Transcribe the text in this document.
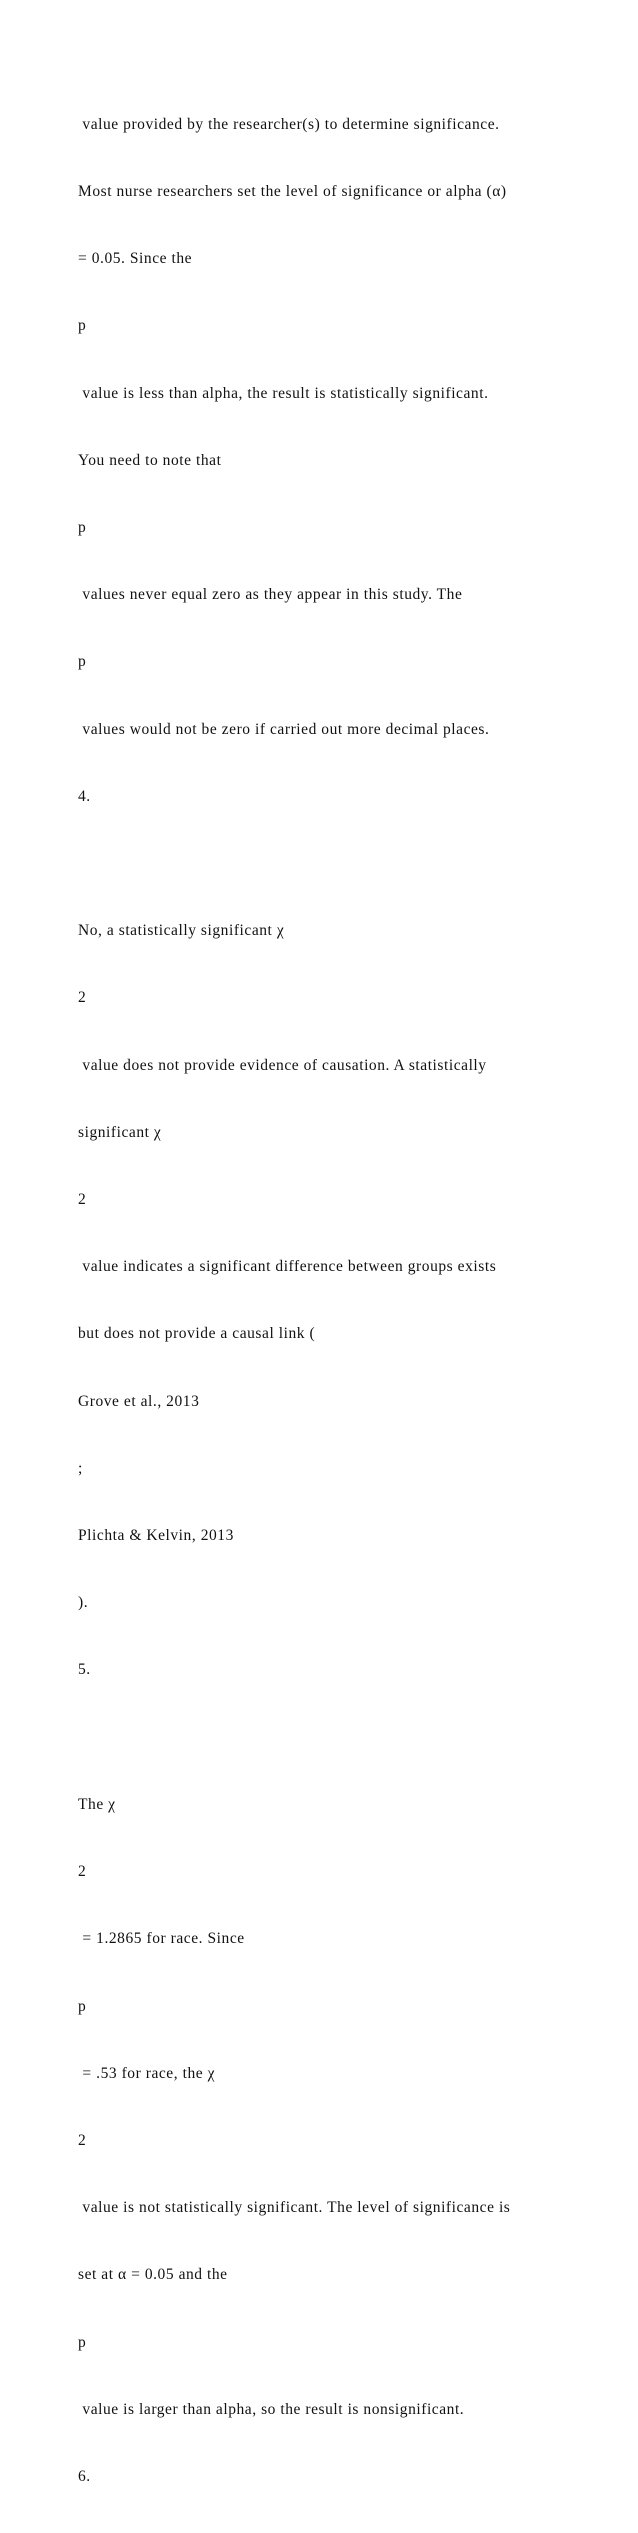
value provided by the researcher(s) to determine significance.

Most nurse researchers set the level of significance or alpha (α)

= 0.05. Since the

p

value is less than alpha, the result is statistically significant.

You need to note that

p

values never equal zero as they appear in this study. The

p

values would not be zero if carried out more decimal places.

4.

No, a statistically significant χ

2

value does not provide evidence of causation. A statistically

significant χ

2

value indicates a significant difference between groups exists

but does not provide a causal link (

Grove et al., 2013

;

Plichta & Kelvin, 2013

).

5.

The χ

2

= 1.2865 for race. Since

p

= .53 for race, the χ

2

value is not statistically significant. The level of significance is

set at α = 0.05 and the

p

value is larger than alpha, so the result is nonsignificant.

6.
